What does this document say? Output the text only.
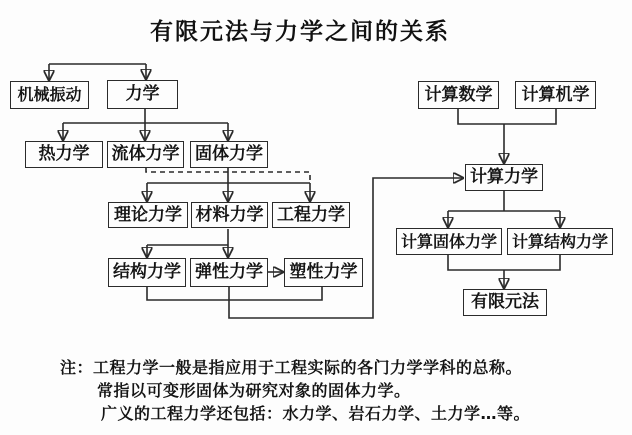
有限元法与力学之间的关系
机械振动	力学
热力学	流体力学 固体力学
理论力学 材料力学 工程力学
结构力学 弹性力学	塑性力学
计算数学	计算机学
计算力学
计算固体力学 计算结构力学
有限元法
注：工程力学一般是指应用于工程实际的各门力学学科的总称。
常指以可变形固体为研究对象的固体力学。
广义的工程力学还包括：水力学、岩石力学、土力学…等。
